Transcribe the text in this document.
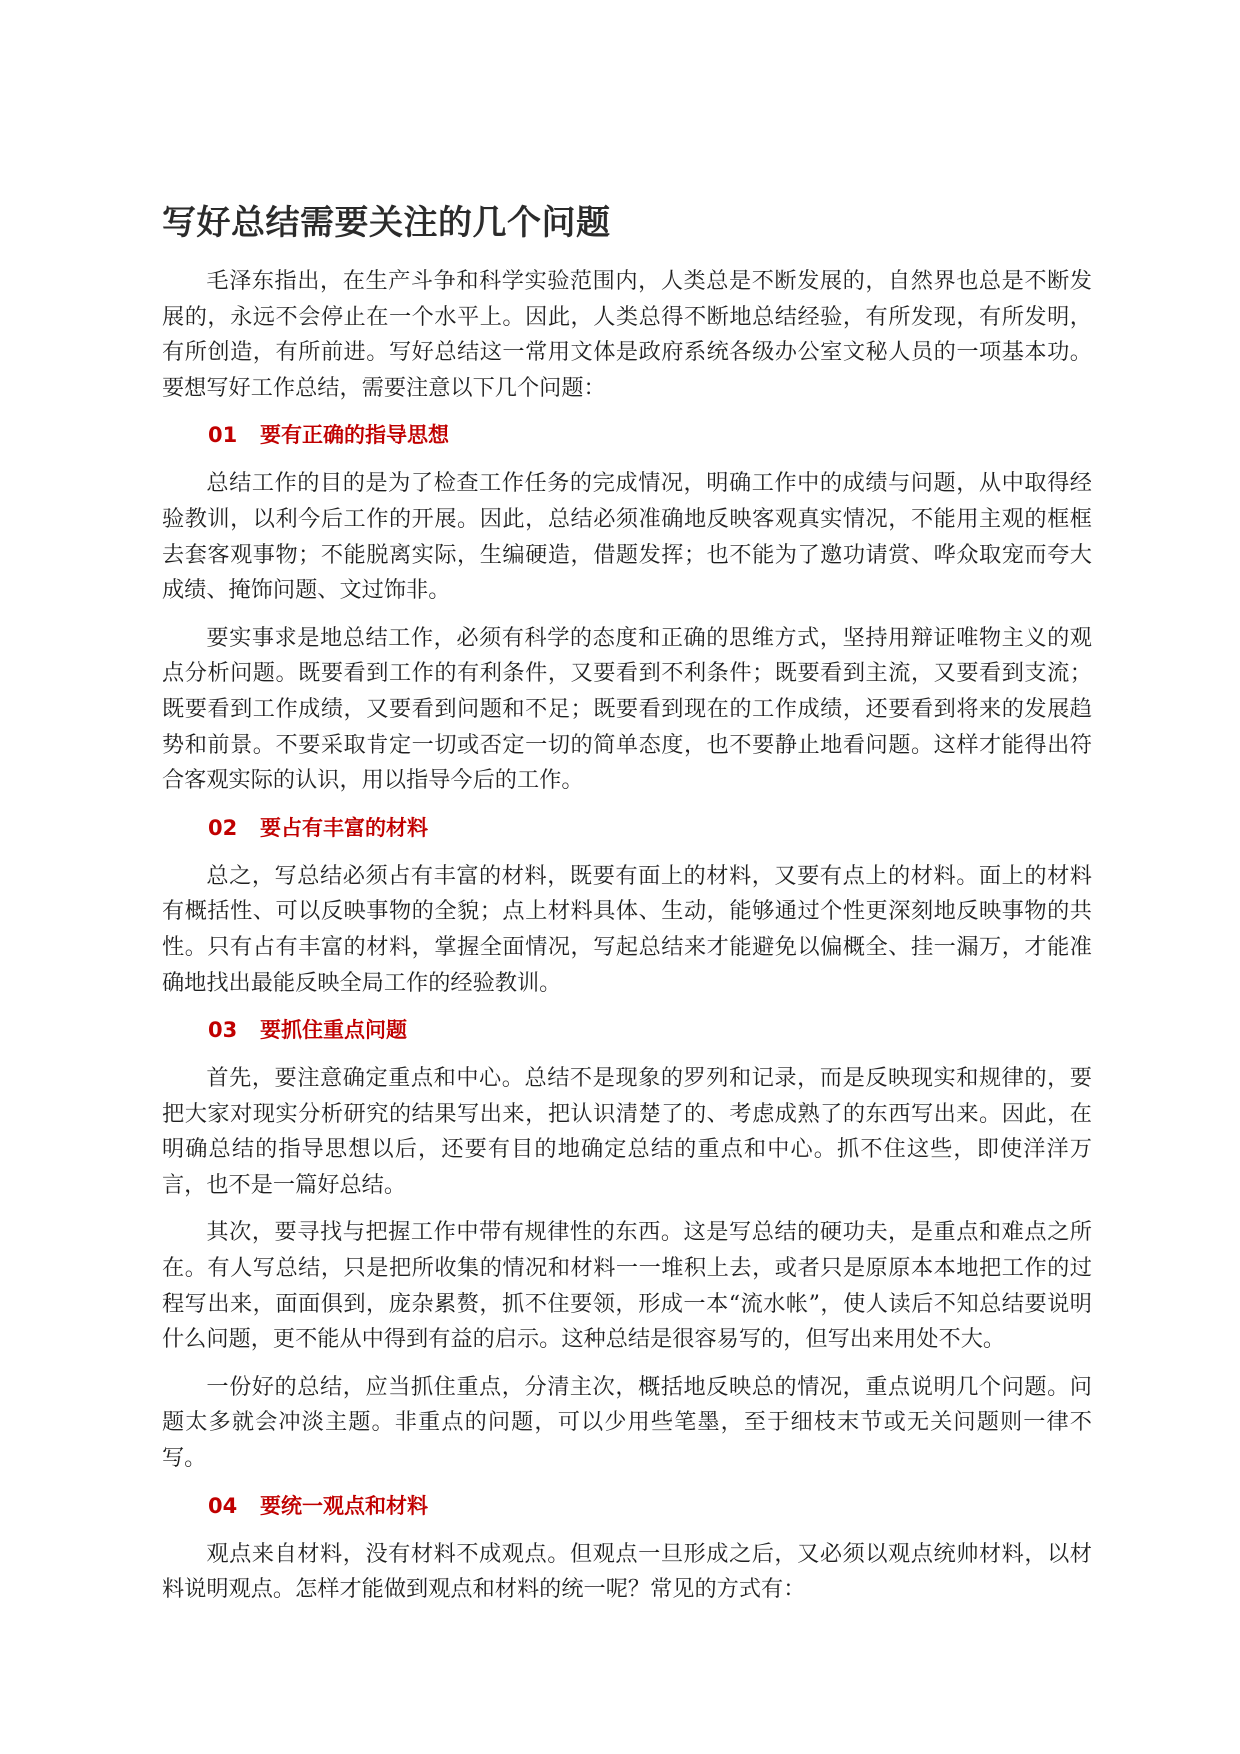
写好总结需要关注的几个问题

毛泽东指出，在生产斗争和科学实验范围内，人类总是不断发展的，自然界也总是不断发展的，永远不会停止在一个水平上。因此，人类总得不断地总结经验，有所发现，有所发明，有所创造，有所前进。写好总结这一常用文体是政府系统各级办公室文秘人员的一项基本功。要想写好工作总结，需要注意以下几个问题：

01 要有正确的指导思想

总结工作的目的是为了检查工作任务的完成情况，明确工作中的成绩与问题，从中取得经验教训，以利今后工作的开展。因此，总结必须准确地反映客观真实情况，不能用主观的框框去套客观事物；不能脱离实际，生编硬造，借题发挥；也不能为了邀功请赏、哗众取宠而夸大成绩、掩饰问题、文过饰非。

要实事求是地总结工作，必须有科学的态度和正确的思维方式，坚持用辩证唯物主义的观点分析问题。既要看到工作的有利条件，又要看到不利条件；既要看到主流，又要看到支流；既要看到工作成绩，又要看到问题和不足；既要看到现在的工作成绩，还要看到将来的发展趋势和前景。不要采取肯定一切或否定一切的简单态度，也不要静止地看问题。这样才能得出符合客观实际的认识，用以指导今后的工作。

02 要占有丰富的材料

总之，写总结必须占有丰富的材料，既要有面上的材料，又要有点上的材料。面上的材料有概括性、可以反映事物的全貌；点上材料具体、生动，能够通过个性更深刻地反映事物的共性。只有占有丰富的材料，掌握全面情况，写起总结来才能避免以偏概全、挂一漏万，才能准确地找出最能反映全局工作的经验教训。

03 要抓住重点问题

首先，要注意确定重点和中心。总结不是现象的罗列和记录，而是反映现实和规律的，要把大家对现实分析研究的结果写出来，把认识清楚了的、考虑成熟了的东西写出来。因此，在明确总结的指导思想以后，还要有目的地确定总结的重点和中心。抓不住这些，即使洋洋万言，也不是一篇好总结。

其次，要寻找与把握工作中带有规律性的东西。这是写总结的硬功夫，是重点和难点之所在。有人写总结，只是把所收集的情况和材料一一堆积上去，或者只是原原本本地把工作的过程写出来，面面俱到，庞杂累赘，抓不住要领，形成一本“流水帐”，使人读后不知总结要说明什么问题，更不能从中得到有益的启示。这种总结是很容易写的，但写出来用处不大。

一份好的总结，应当抓住重点，分清主次，概括地反映总的情况，重点说明几个问题。问题太多就会冲淡主题。非重点的问题，可以少用些笔墨，至于细枝末节或无关问题则一律不写。

04 要统一观点和材料

观点来自材料，没有材料不成观点。但观点一旦形成之后，又必须以观点统帅材料，以材料说明观点。怎样才能做到观点和材料的统一呢？常见的方式有：
